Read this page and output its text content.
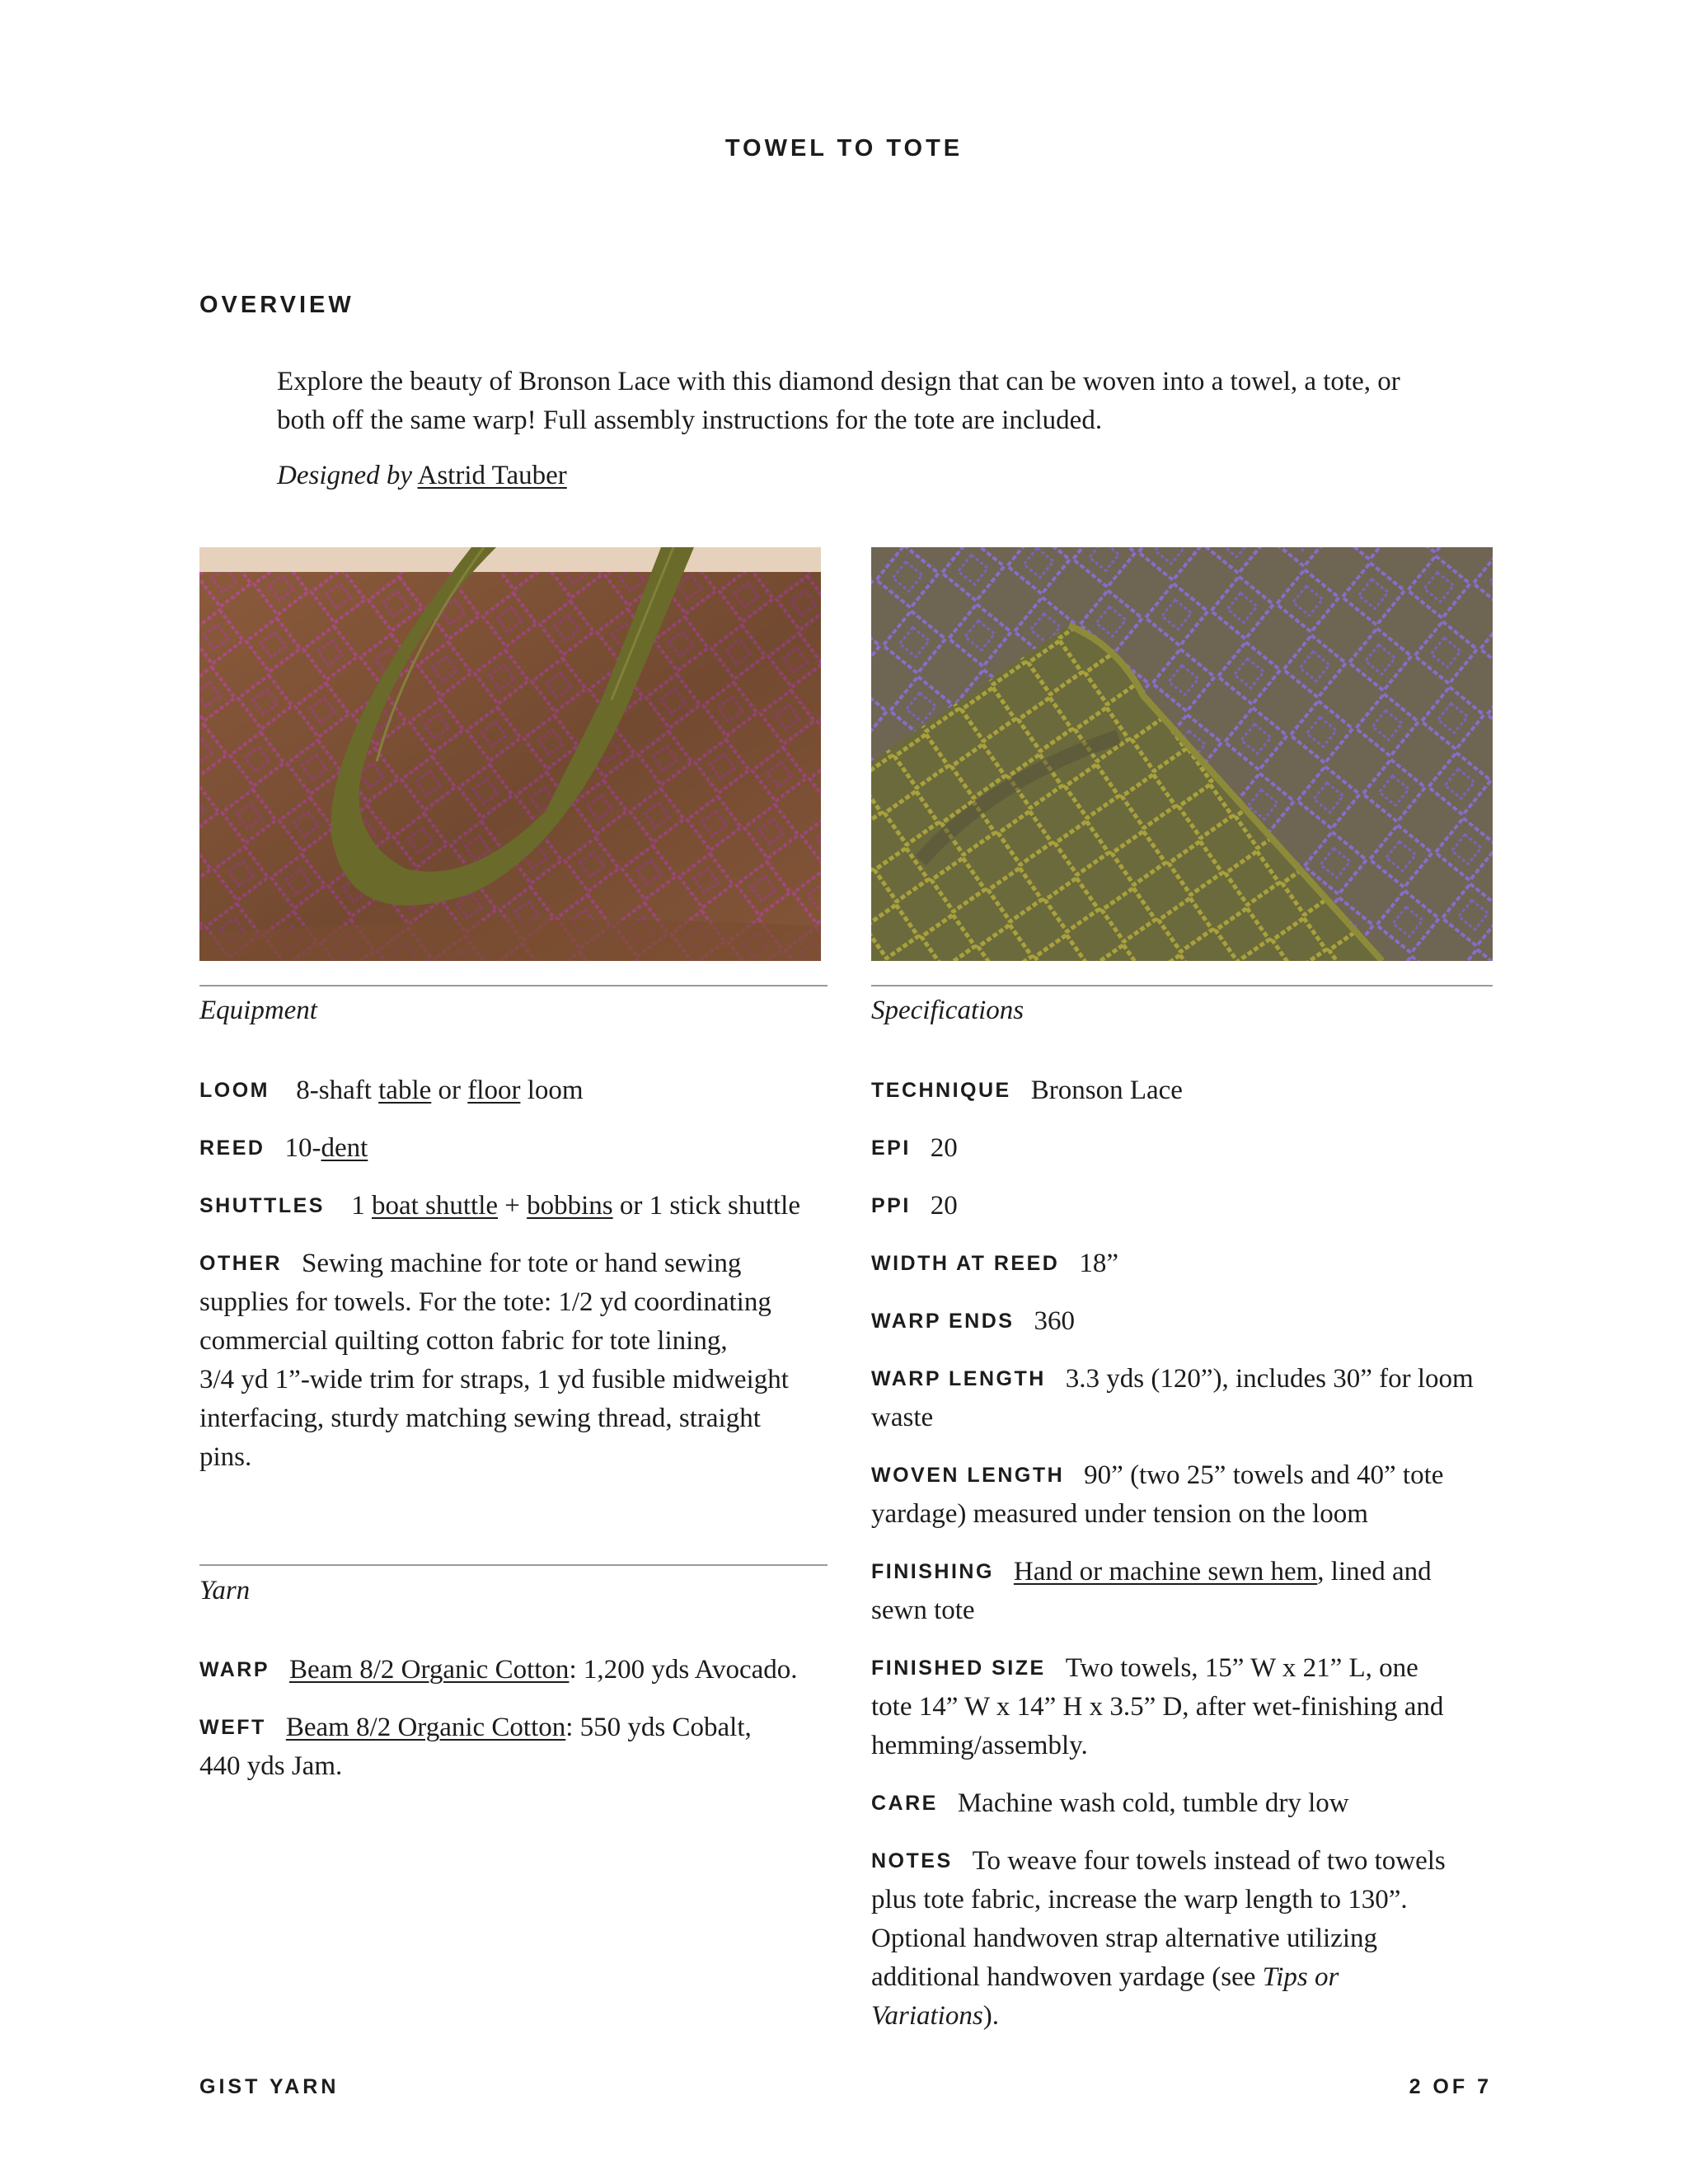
TOWEL TO TOTE
OVERVIEW
Explore the beauty of Bronson Lace with this diamond design that can be woven into a towel, a tote, or both off the same warp! Full assembly instructions for the tote are included.
Designed by Astrid Tauber
Equipment
LOOM 8-shaft table or floor loom
REED 10-dent
SHUTTLES 1 boat shuttle + bobbins or 1 stick shuttle
OTHER Sewing machine for tote or hand sewing
supplies for towels. For the tote: 1/2 yd coordinating
commercial quilting cotton fabric for tote lining,
3/4 yd 1”-wide trim for straps, 1 yd fusible midweight
interfacing, sturdy matching sewing thread, straight
pins.
Yarn
WARP Beam 8/2 Organic Cotton: 1,200 yds Avocado.
WEFT Beam 8/2 Organic Cotton: 550 yds Cobalt,
440 yds Jam.
Specifications
TECHNIQUE Bronson Lace
EPI 20
PPI 20
WIDTH AT REED 18”
WARP ENDS 360
WARP LENGTH 3.3 yds (120”), includes 30” for loom
waste
WOVEN LENGTH 90” (two 25” towels and 40” tote
yardage) measured under tension on the loom
FINISHING Hand or machine sewn hem, lined and
sewn tote
FINISHED SIZE Two towels, 15” W x 21” L, one
tote 14” W x 14” H x 3.5” D, after wet-finishing and
hemming/assembly.
CARE Machine wash cold, tumble dry low
NOTES To weave four towels instead of two towels
plus tote fabric, increase the warp length to 130”.
Optional handwoven strap alternative utilizing
additional handwoven yardage (see Tips or
Variations).
GIST YARN	2 OF 7
